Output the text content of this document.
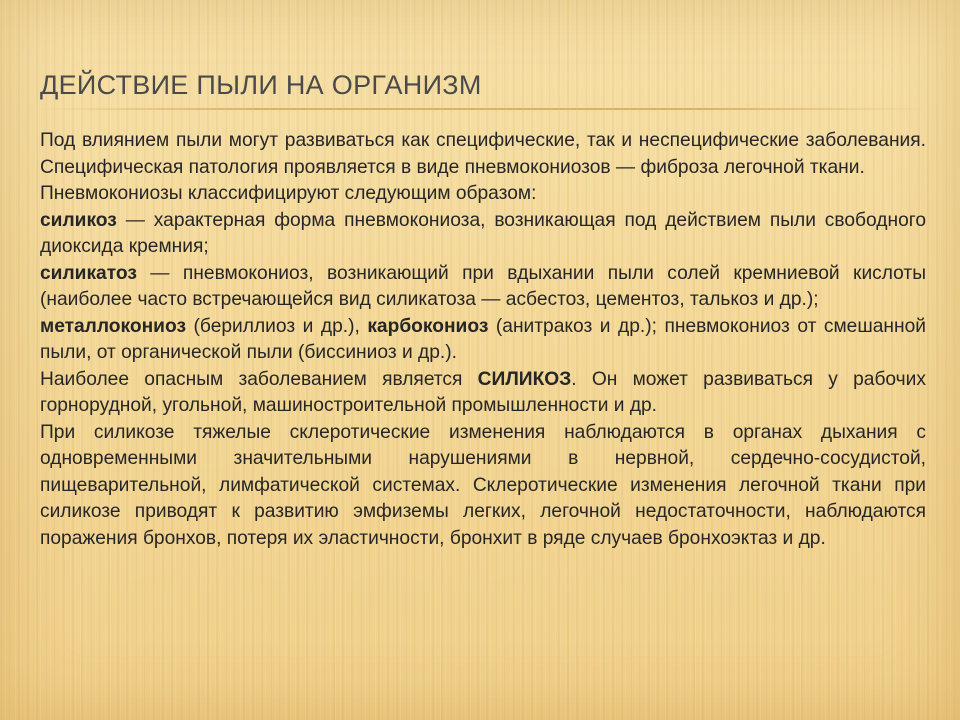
ДЕЙСТВИЕ ПЫЛИ НА ОРГАНИЗМ

Под влиянием пыли могут развиваться как специфические, так и неспецифические заболевания. Специфическая патология проявляется в виде пневмокониозов — фиброза легочной ткани.

Пневмокониозы классифицируют следующим образом:

силикоз — характерная форма пневмокониоза, возникающая под действием пыли свободного диоксида кремния;

силикатоз — пневмокониоз, возникающий при вдыхании пыли солей кремниевой кислоты (наиболее часто встречающейся вид силикатоза — асбестоз, цементоз, талькоз и др.);

металлокониоз (бериллиоз и др.), карбокониоз (анитракоз и др.); пневмокониоз от смешанной пыли, от органической пыли (биссиниоз и др.).

Наиболее опасным заболеванием является СИЛИКОЗ. Он может развиваться у рабочих горнорудной, угольной, машиностроительной промышленности и др.

При силикозе тяжелые склеротические изменения наблюдаются в органах дыхания с одновременными значительными нарушениями в нервной, сердечно-сосудистой, пищеварительной, лимфатической системах. Склеротические изменения легочной ткани при силикозе приводят к развитию эмфиземы легких, легочной недостаточности, наблюдаются поражения бронхов, потеря их эластичности, бронхит в ряде случаев бронхоэктаз и др.
